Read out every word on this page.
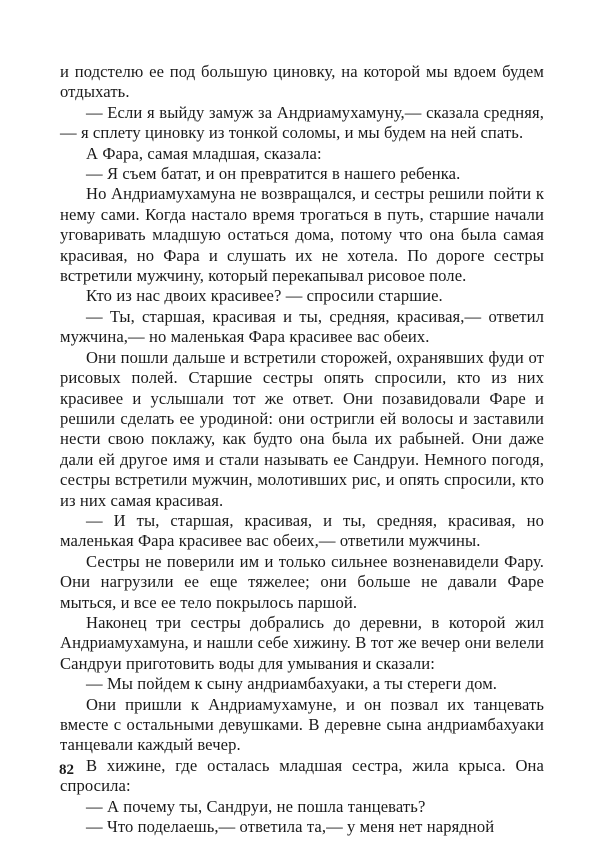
и подстелю ее под большую циновку, на которой мы вдоем будем отдыхать.

— Если я выйду замуж за Андриамухамуну,— сказала средняя,— я сплету циновку из тонкой соломы, и мы будем на ней спать.

А Фара, самая младшая, сказала:

— Я съем батат, и он превратится в нашего ребенка.

Но Андриамухамуна не возвращался, и сестры решили пойти к нему сами. Когда настало время трогаться в путь, старшие начали уговаривать младшую остаться дома, потому что она была самая красивая, но Фара и слушать их не хотела. По дороге сестры встретили мужчину, который перекапывал рисовое поле.

Кто из нас двоих красивее? — спросили старшие.

— Ты, старшая, красивая и ты, средняя, красивая,— ответил мужчина,— но маленькая Фара красивее вас обеих.

Они пошли дальше и встретили сторожей, охранявших фуди от рисовых полей. Старшие сестры опять спросили, кто из них красивее и услышали тот же ответ. Они позавидовали Фаре и решили сделать ее уродиной: они остригли ей волосы и заставили нести свою поклажу, как будто она была их рабыней. Они даже дали ей другое имя и стали называть ее Сандруи. Немного погодя, сестры встретили мужчин, молотивших рис, и опять спросили, кто из них самая красивая.

— И ты, старшая, красивая, и ты, средняя, красивая, но маленькая Фара красивее вас обеих,— ответили мужчины.

Сестры не поверили им и только сильнее возненавидели Фару. Они нагрузили ее еще тяжелее; они больше не давали Фаре мыться, и все ее тело покрылось паршой.

Наконец три сестры добрались до деревни, в которой жил Андриамухамуна, и нашли себе хижину. В тот же вечер они велели Сандруи приготовить воды для умывания и сказали:

— Мы пойдем к сыну андриамбахуаки, а ты стереги дом.

Они пришли к Андриамухамуне, и он позвал их танцевать вместе с остальными девушками. В деревне сына андриамбахуаки танцевали каждый вечер.

В хижине, где осталась младшая сестра, жила крыса. Она спросила:

— А почему ты, Сандруи, не пошла танцевать?

— Что поделаешь,— ответила та,— у меня нет нарядной

82
